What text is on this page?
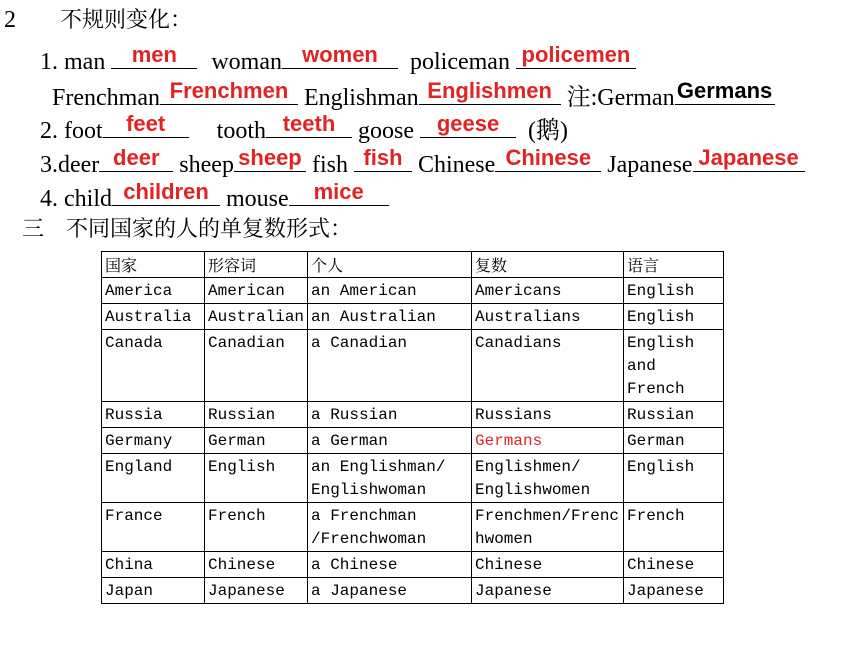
2 不规则变化：
1. man	men	woman women	policeman policemen
Frenchman Frenchmen Englishman Englishmen 注:German Germans
2. foot	feet	tooth teeth goose	geese	(鹅)
3.deer deer sheep sheep fish fish Chinese Chinese Japanese Japanese
4. child children mouse	mice
三 不同国家的人的单复数形式：
国家	形容词	个人	复数	语言
America	American	an American	Americans	English
Australia	Australian	an Australian	Australians	English
Canada	Canadian	a Canadian	Canadians	English and French
Russia	Russian	a Russian	Russians	Russian
Germany	German	a German	Germans	German
England	English	an Englishman/ Englishwoman	Englishmen/ Englishwomen	English
France	French	a Frenchman /Frenchwoman	Frenchmen/Frenchwomen	French
China	Chinese	a Chinese	Chinese	Chinese
Japan	Japanese	a Japanese	Japanese	Japanese
